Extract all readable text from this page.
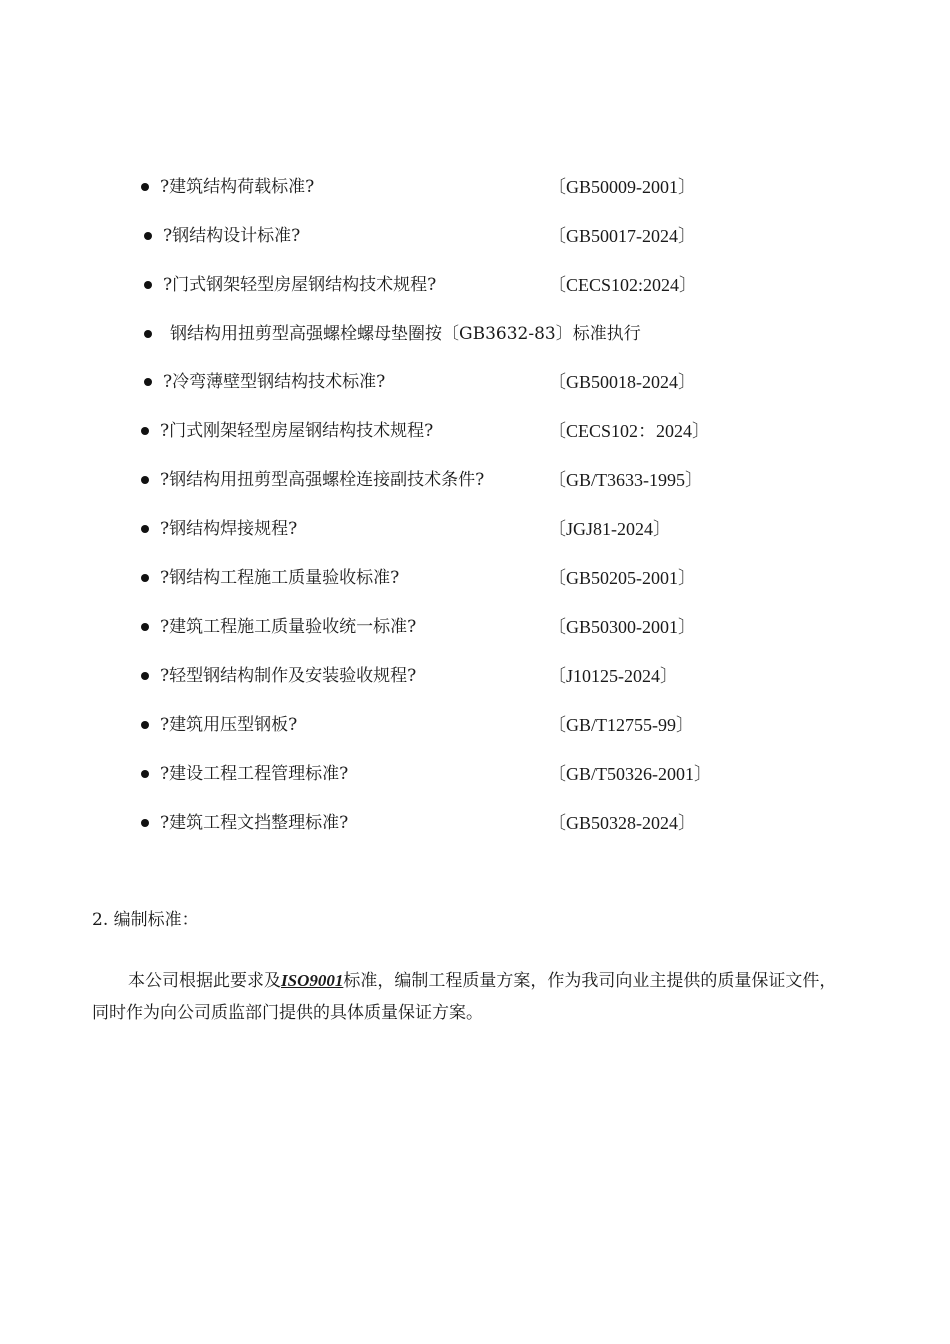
?建筑结构荷载标准?	〔GB50009-2001〕
?钢结构设计标准?	〔GB50017-2024〕
?门式钢架轻型房屋钢结构技术规程?	〔CECS102:2024〕
钢结构用扭剪型高强螺栓螺母垫圈按〔GB3632-83〕标准执行
?冷弯薄壁型钢结构技术标准?	〔GB50018-2024〕
?门式刚架轻型房屋钢结构技术规程?	〔CECS102：2024〕
?钢结构用扭剪型高强螺栓连接副技术条件?	〔GB/T3633-1995〕
?钢结构焊接规程?	〔JGJ81-2024〕
?钢结构工程施工质量验收标准?	〔GB50205-2001〕
?建筑工程施工质量验收统一标准?	〔GB50300-2001〕
?轻型钢结构制作及安装验收规程?	〔J10125-2024〕
?建筑用压型钢板?	〔GB/T12755-99〕
?建设工程工程管理标准?	〔GB/T50326-2001〕
?建筑工程文挡整理标准?	〔GB50328-2024〕
2. 编制标准：

本公司根据此要求及ISO9001标准，编制工程质量方案，作为我司向业主提供的质量保证文件，同时作为向公司质监部门提供的具体质量保证方案。
